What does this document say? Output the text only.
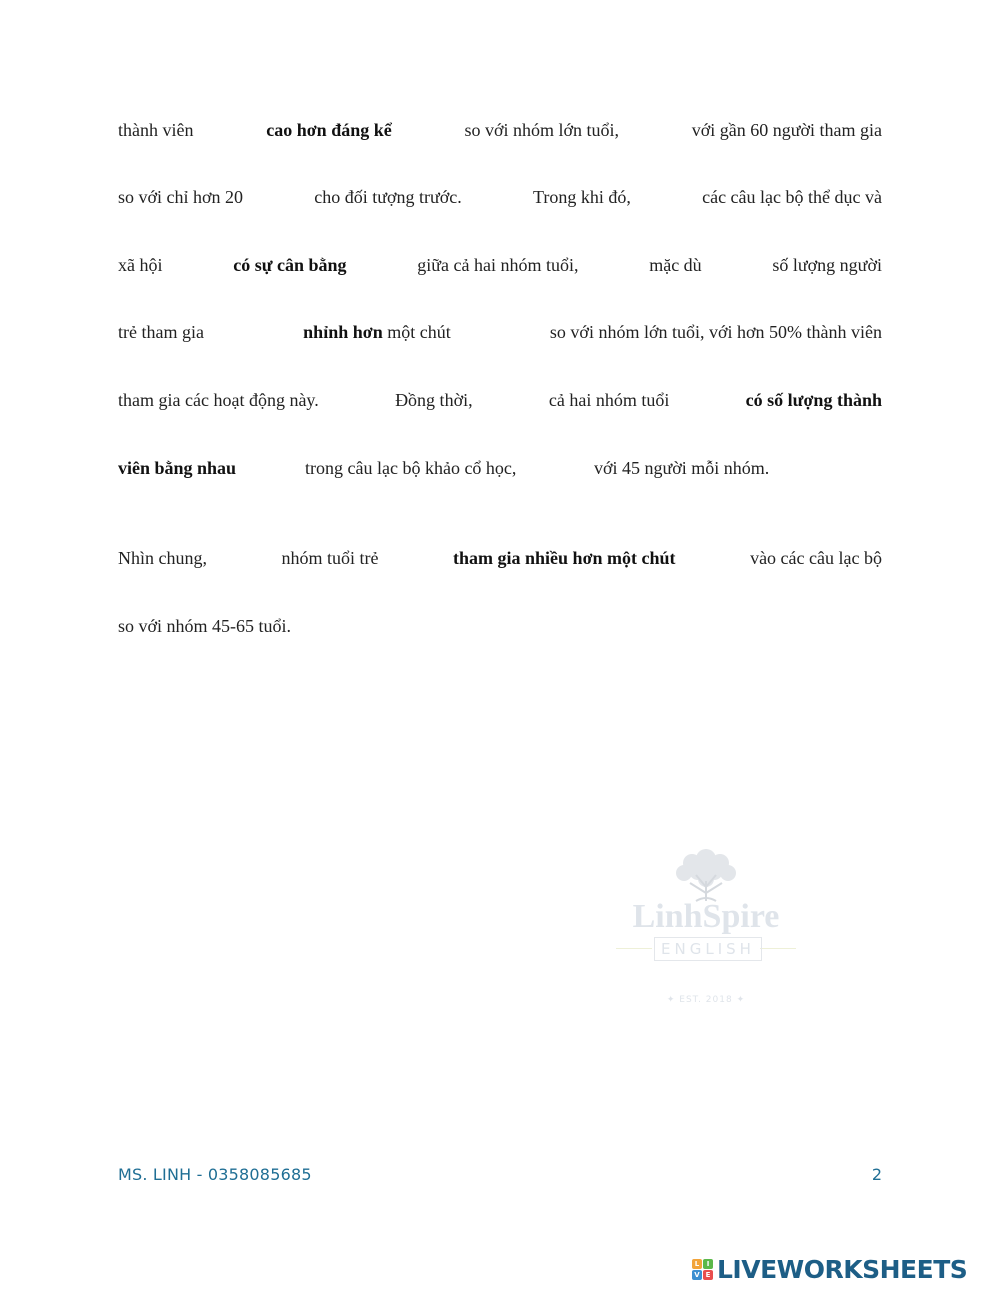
thành viên	cao hơn đáng kể	so với nhóm lớn tuổi,	với gần 60 người tham gia
so với chỉ hơn 20	cho đối tượng trước.	Trong khi đó,	các câu lạc bộ thể dục và
xã hội	có sự cân bằng	giữa cả hai nhóm tuổi,	mặc dù	số lượng người
trẻ tham gia	nhỉnh hơn một chút	so với nhóm lớn tuổi, với hơn 50% thành viên
tham gia các hoạt động này.	Đồng thời,	cả hai nhóm tuổi	có số lượng thành
viên bằng nhau	trong câu lạc bộ khảo cổ học,	với 45 người mỗi nhóm.
Nhìn chung,	nhóm tuổi trẻ	tham gia nhiều hơn một chút	vào các câu lạc bộ
so với nhóm 45-65 tuổi.
LinhSpire
ENGLISH
✦ EST. 2018 ✦
MS. LINH - 0358085685	2
L	I
V E LIVEWORKSHEETS
